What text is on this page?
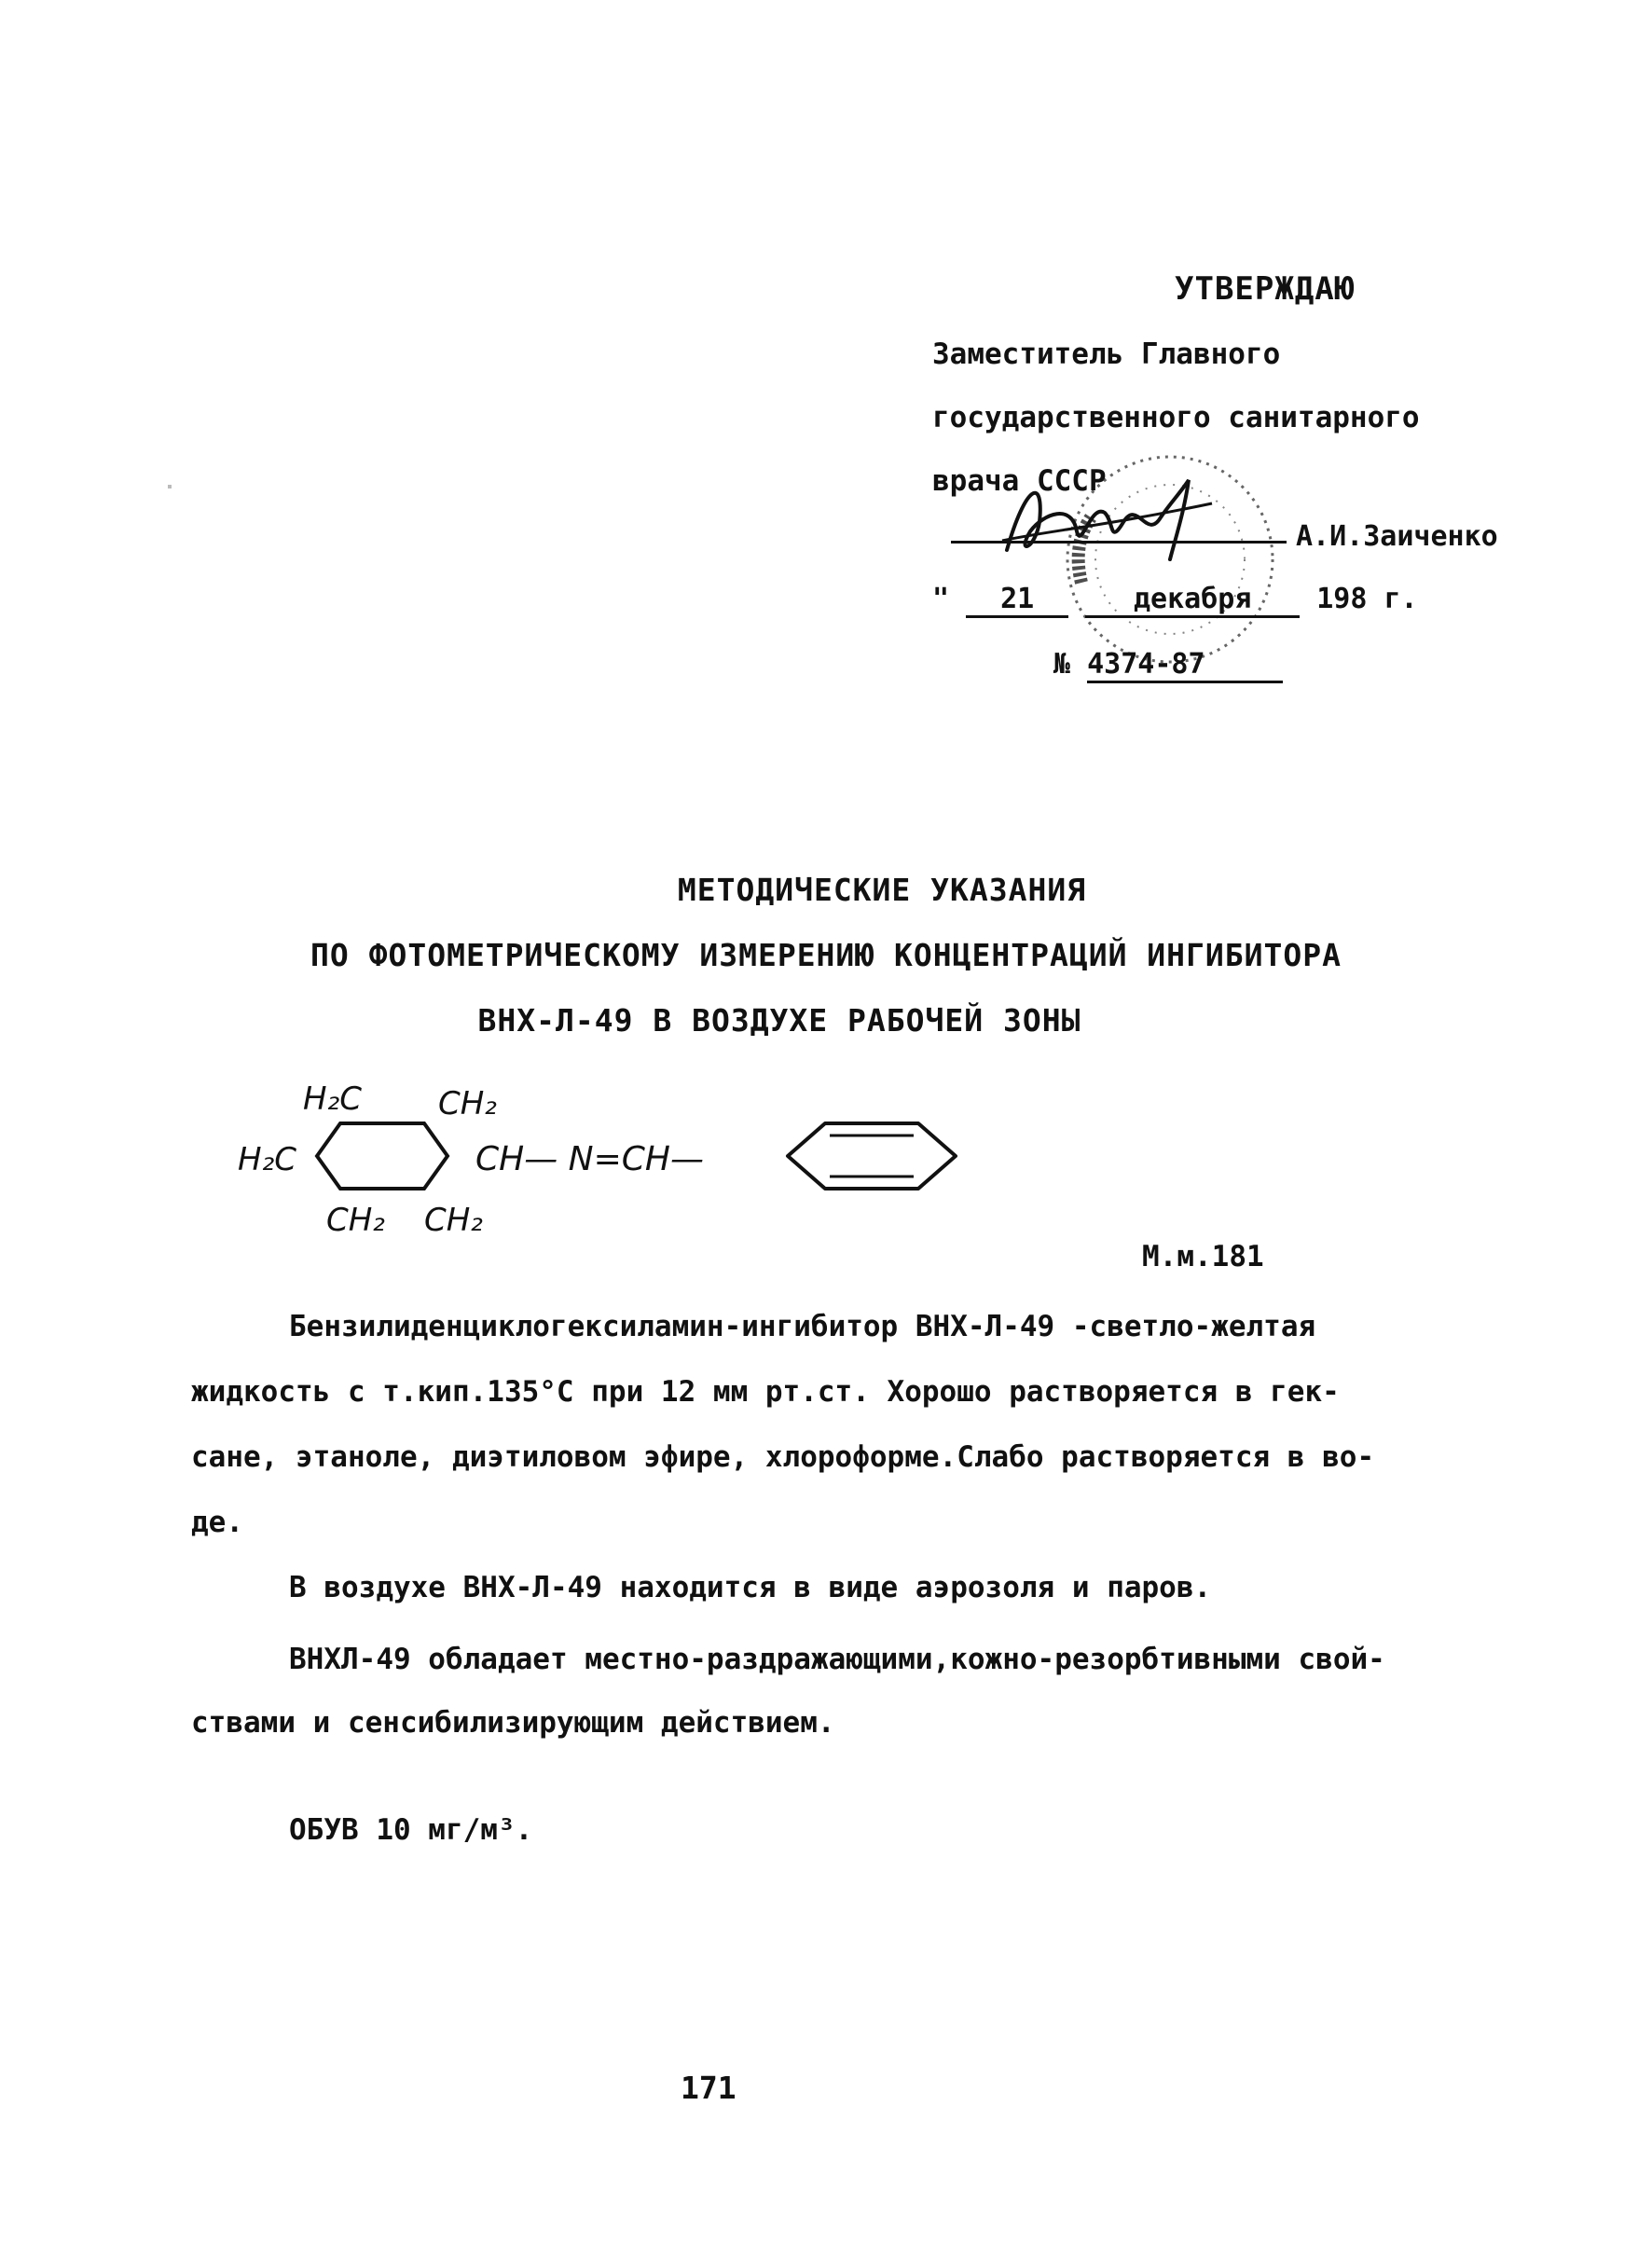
УТВЕРЖДАЮ
Заместитель Главного
государственного санитарного
врача СССР
А.И.Заиченко
" 21	декабря 198 г.
№ 4374-87
МЕТОДИЧЕСКИЕ УКАЗАНИЯ
ПО ФОТОМЕТРИЧЕСКОМУ ИЗМЕРЕНИЮ КОНЦЕНТРАЦИЙ ИНГИБИТОРА
ВНХ-Л-49 В ВОЗДУХЕ РАБОЧЕЙ ЗОНЫ
H₂C
H₂C
CH₂
CH₂ CH₂
CH— N=CH—
М.м.181
Бензилиденциклогексиламин-ингибитор ВНХ-Л-49 -светло-желтая
жидкость с т.кип.135°С при 12 мм рт.ст. Хорошо растворяется в гек-
сане, этаноле, диэтиловом эфире, хлороформе.Слабо растворяется в во-
де.
В воздухе ВНХ-Л-49 находится в виде аэрозоля и паров.
ВНХЛ-49 обладает местно-раздражающими,кожно-резорбтивными свой-
ствами и сенсибилизирующим действием.
ОБУВ 10 мг/м³.
171
